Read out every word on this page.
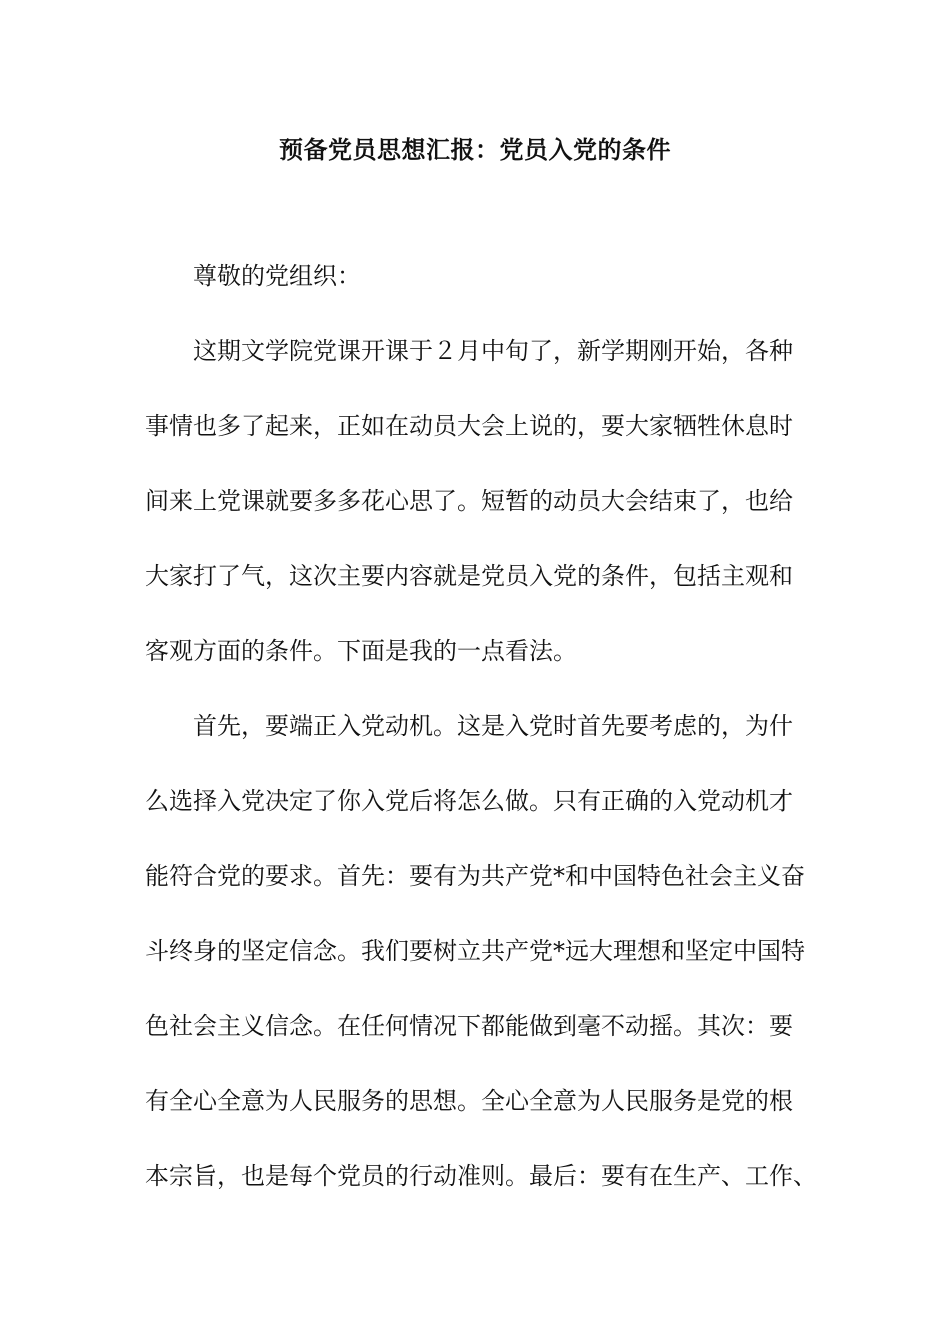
预备党员思想汇报：党员入党的条件
尊敬的党组织：
这期文学院党课开课于２月中旬了，新学期刚开始，各种
事情也多了起来，正如在动员大会上说的，要大家牺牲休息时
间来上党课就要多多花心思了。短暂的动员大会结束了，也给
大家打了气，这次主要内容就是党员入党的条件，包括主观和
客观方面的条件。下面是我的一点看法。
首先，要端正入党动机。这是入党时首先要考虑的，为什
么选择入党决定了你入党后将怎么做。只有正确的入党动机才
能符合党的要求。首先：要有为共产党*和中国特色社会主义奋
斗终身的坚定信念。我们要树立共产党*远大理想和坚定中国特
色社会主义信念。在任何情况下都能做到毫不动摇。其次：要
有全心全意为人民服务的思想。全心全意为人民服务是党的根
本宗旨，也是每个党员的行动准则。最后：要有在生产、工作、
